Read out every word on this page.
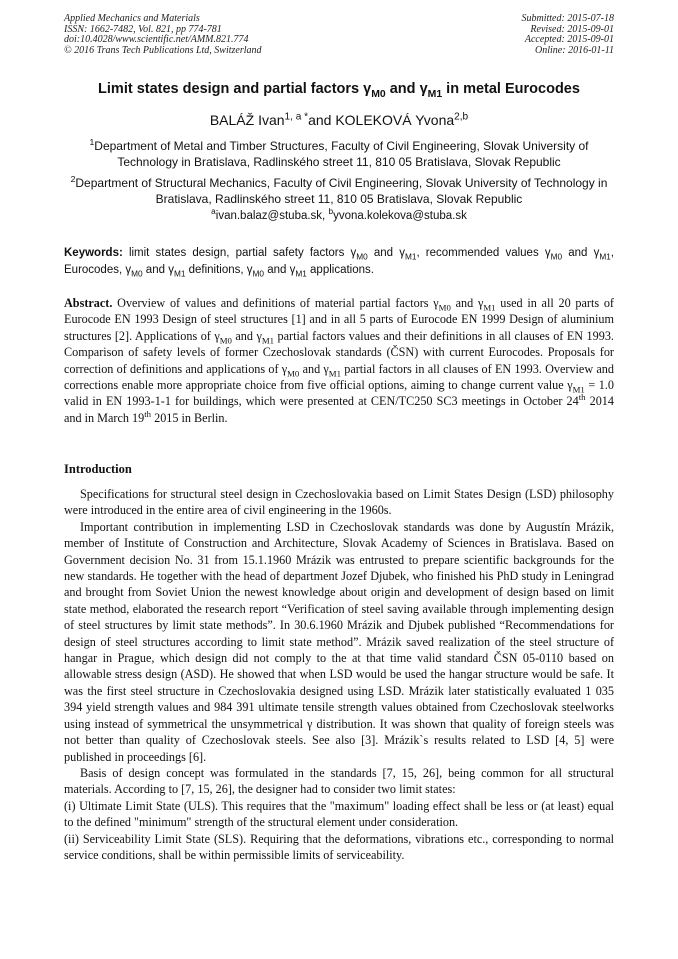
Applied Mechanics and Materials
ISSN: 1662-7482, Vol. 821, pp 774-781
doi:10.4028/www.scientific.net/AMM.821.774
© 2016 Trans Tech Publications Ltd, Switzerland
Submitted: 2015-07-18
Revised: 2015-09-01
Accepted: 2015-09-01
Online: 2016-01-11
Limit states design and partial factors $\gamma_{M0}$ and $\gamma_{M1}$ in metal Eurocodes
BALÁŽ Ivan$^{1, a *}$and KOLEKOVÁ Yvona$^{2,b}$
$^1$Department of Metal and Timber Structures, Faculty of Civil Engineering, Slovak University of Technology in Bratislava, Radlinského street 11, 810 05 Bratislava, Slovak Republic
$^2$Department of Structural Mechanics, Faculty of Civil Engineering, Slovak University of Technology in Bratislava, Radlinského street 11, 810 05 Bratislava, Slovak Republic
$^a$ivan.balaz@stuba.sk, $^b$yvona.kolekova@stuba.sk
Keywords: limit states design, partial safety factors $\gamma_{M0}$ and $\gamma_{M1}$, recommended values $\gamma_{M0}$ and $\gamma_{M1}$, Eurocodes, $\gamma_{M0}$ and $\gamma_{M1}$ definitions, $\gamma_{M0}$ and $\gamma_{M1}$ applications.
Abstract. Overview of values and definitions of material partial factors $\gamma_{M0}$ and $\gamma_{M1}$ used in all 20 parts of Eurocode EN 1993 Design of steel structures [1] and in all 5 parts of Eurocode EN 1999 Design of aluminium structures [2]. Applications of $\gamma_{M0}$ and $\gamma_{M1}$ partial factors values and their definitions in all clauses of EN 1993. Comparison of safety levels of former Czechoslovak standards (ČSN) with current Eurocodes. Proposals for correction of definitions and applications of $\gamma_{M0}$ and $\gamma_{M1}$ partial factors in all clauses of EN 1993. Overview and corrections enable more appropriate choice from five official options, aiming to change current value $\gamma_{M1} = 1.0$ valid in EN 1993-1-1 for buildings, which were presented at CEN/TC250 SC3 meetings in October 24th 2014 and in March 19th 2015 in Berlin.
Introduction

Specifications for structural steel design in Czechoslovakia based on Limit States Design (LSD) philosophy were introduced in the entire area of civil engineering in the 1960s.

Important contribution in implementing LSD in Czechoslovak standards was done by Augustín Mrázik, member of Institute of Construction and Architecture, Slovak Academy of Sciences in Bratislava. Based on Government decision No. 31 from 15.1.1960 Mrázik was entrusted to prepare scientific backgrounds for the new standards. He together with the head of department Jozef Djubek, who finished his PhD study in Leningrad and brought from Soviet Union the newest knowledge about origin and development of design based on limit state method, elaborated the research report “Verification of steel saving available through implementing design of steel structures by limit state methods”. In 30.6.1960 Mrázik and Djubek published “Recommendations for design of steel structures according to limit state method”. Mrázik saved realization of the steel structure of hangar in Prague, which design did not comply to the at that time valid standard ČSN 05-0110 based on allowable stress design (ASD). He showed that when LSD would be used the hangar structure would be safe. It was the first steel structure in Czechoslovakia designed using LSD. Mrázik later statistically evaluated 1 035 394 yield strength values and 984 391 ultimate tensile strength values obtained from Czechoslovak steelworks using instead of symmetrical the unsymmetrical γ distribution. It was shown that quality of foreign steels was not better than quality of Czechoslovak steels. See also [3]. Mrázik`s results related to LSD [4, 5] were published in proceedings [6].

Basis of design concept was formulated in the standards [7, 15, 26], being common for all structural materials. According to [7, 15, 26], the designer had to consider two limit states:

(i) Ultimate Limit State (ULS). This requires that the "maximum" loading effect shall be less or (at least) equal to the defined "minimum" strength of the structural element under consideration.

(ii) Serviceability Limit State (SLS). Requiring that the deformations, vibrations etc., corresponding to normal service conditions, shall be within permissible limits of serviceability.
